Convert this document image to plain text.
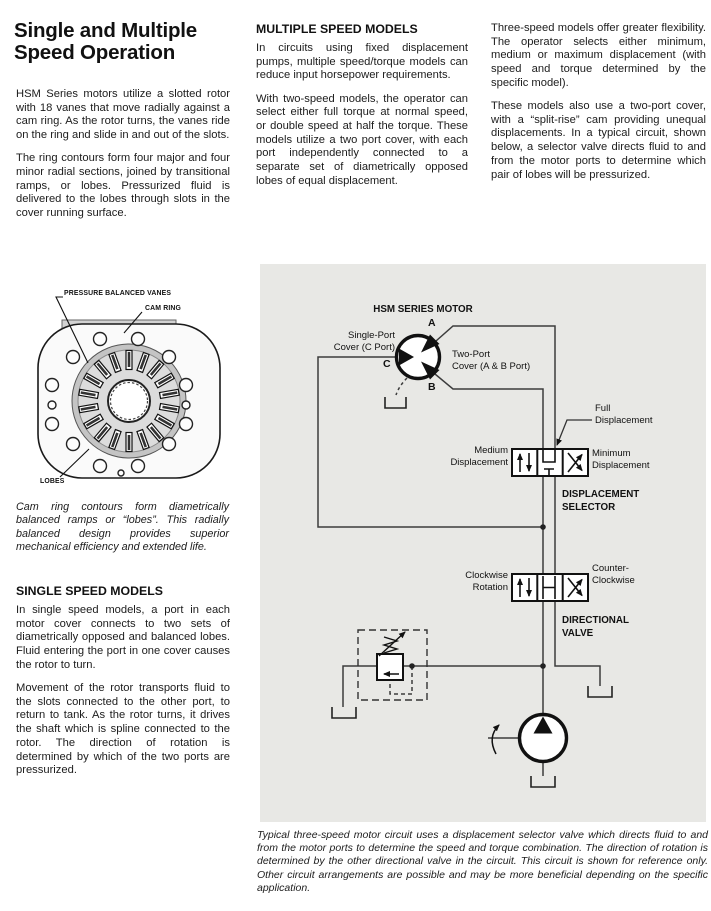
Single and Multiple Speed Operation

HSM Series motors utilize a slotted rotor with 18 vanes that move radially against a cam ring. As the rotor turns, the vanes ride on the ring and slide in and out of the slots.

The ring contours form four major and four minor radial sections, joined by transitional ramps, or lobes. Pressurized fluid is delivered to the lobes through slots in the cover running surface.

PRESSURE BALANCED VANES
CAM RING
LOBES
Cam ring contours form diametrically balanced ramps or “lobes”. This radially balanced design provides superior mechanical efficiency and extended life.
SINGLE SPEED MODELS

In single speed models, a port in each motor cover connects to two sets of diametrically opposed and balanced lobes. Fluid entering the port in one cover causes the rotor to turn.

Movement of the rotor transports fluid to the slots connected to the other port, to return to tank. As the rotor turns, it drives the shaft which is spline connected to the rotor. The direction of rotation is determined by which of the two ports are pressurized.

MULTIPLE SPEED MODELS

In circuits using fixed displacement pumps, multiple speed/torque models can reduce input horsepower requirements.

With two-speed models, the operator can select either full torque at normal speed, or double speed at half the torque. These models utilize a two port cover, with each port independently connected to a separate set of diametrically opposed lobes of equal displacement.

Three-speed models offer greater flexibility. The operator selects either minimum, medium or maximum displacement (with speed and torque determined by the specific model).

These models also use a two-port cover, with a “split-rise” cam providing unequal displacements. In a typical circuit, shown below, a selector valve directs fluid to and from the motor ports to determine which pair of lobes will be pressurized.

HSM SERIES MOTOR
Single-Port
Cover (C Port)
Two-Port
Cover (A & B Port)
A
C
B
Full
Displacement
Medium
Displacement
Minimum
Displacement
DISPLACEMENT
SELECTOR
Clockwise
Rotation
Counter-
Clockwise
DIRECTIONAL
VALVE
Typical three-speed motor circuit uses a displacement selector valve which directs fluid to and from the motor ports to determine the speed and torque combination. The direction of rotation is determined by the other directional valve in the circuit. This circuit is shown for reference only. Other circuit arrangements are possible and may be more beneficial depending on the specific application.
